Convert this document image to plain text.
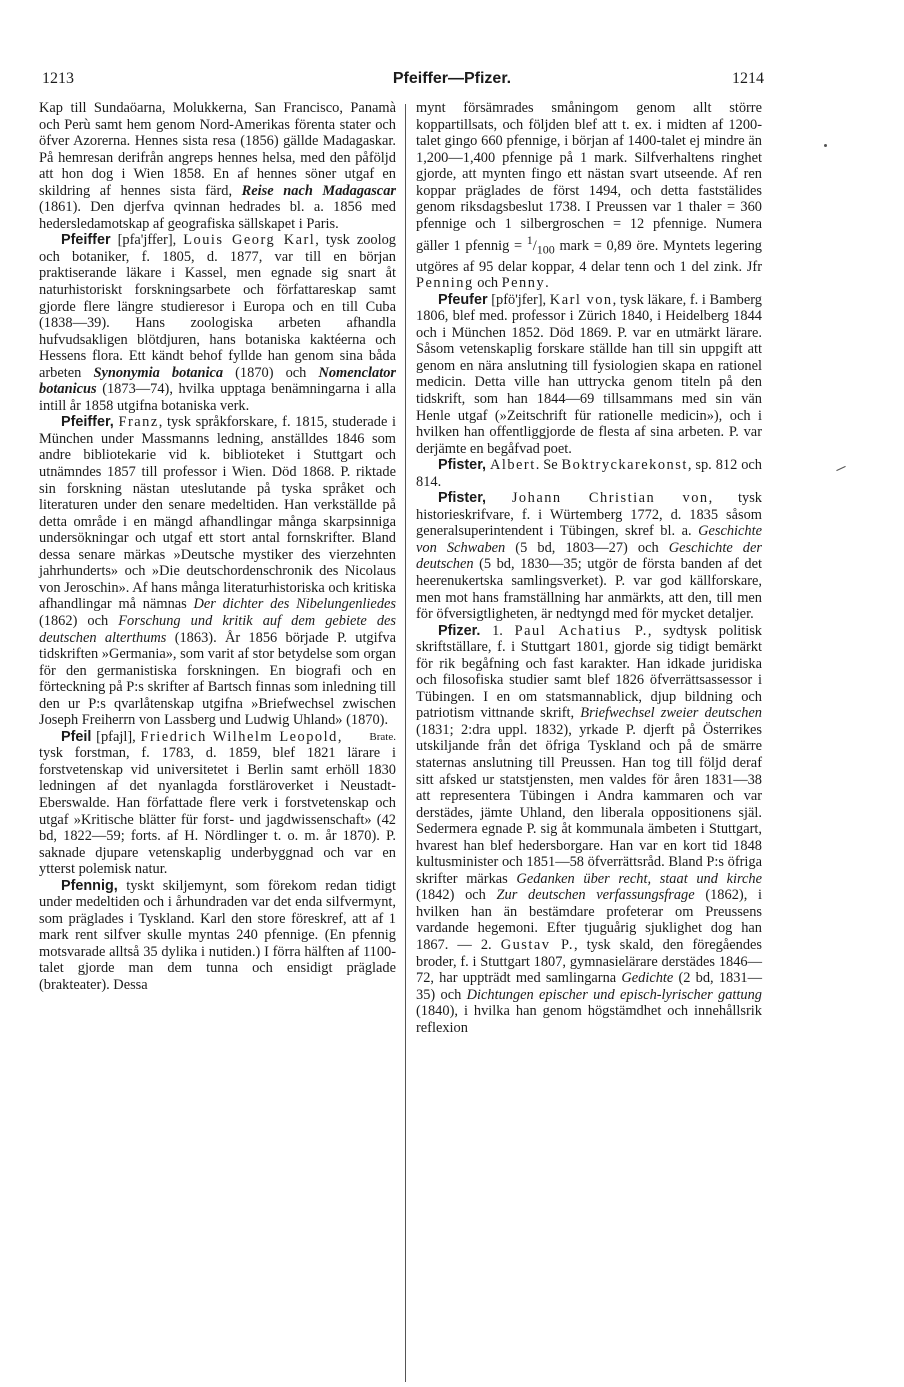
1213	Pfeiffer—Pfizer.	1214

Kap till Sundaöarna, Molukkerna, San Francisco, Panamà och Perù samt hem genom Nord-Amerikas förenta stater och öfver Azorerna. Hennes sista resa (1856) gällde Madagaskar. På hemresan derifrån angreps hennes helsa, med den påföljd att hon dog i Wien 1858. En af hennes söner utgaf en skildring af hennes sista färd, Reise nach Madagascar (1861). Den djerfva qvinnan hedrades bl. a. 1856 med hedersledamotskap af geografiska sällskapet i Paris.

Pfeiffer [pfa'jffer], Louis Georg Karl, tysk zoolog och botaniker, f. 1805, d. 1877, var till en början praktiserande läkare i Kassel, men egnade sig snart åt naturhistoriskt forskningsarbete och författareskap samt gjorde flere längre studieresor i Europa och en till Cuba (1838—39). Hans zoologiska arbeten afhandla hufvudsakligen blötdjuren, hans botaniska kaktéerna och Hessens flora. Ett kändt behof fyllde han genom sina båda arbeten Synonymia botanica (1870) och Nomenclator botanicus (1873—74), hvilka upptaga benämningarna i alla intill år 1858 utgifna botaniska verk.

Pfeiffer, Franz, tysk språkforskare, f. 1815, studerade i München under Massmanns ledning, anställdes 1846 som andre bibliotekarie vid k. biblioteket i Stuttgart och utnämndes 1857 till professor i Wien. Död 1868. P. riktade sin forskning nästan uteslutande på tyska språket och literaturen under den senare medeltiden. Han verkställde på detta område i en mängd afhandlingar många skarpsinniga undersökningar och utgaf ett stort antal fornskrifter. Bland dessa senare märkas »Deutsche mystiker des vierzehnten jahrhunderts» och »Die deutschordenschronik des Nicolaus von Jeroschin». Af hans många literaturhistoriska och kritiska afhandlingar må nämnas Der dichter des Nibelungenliedes (1862) och Forschung und kritik auf dem gebiete des deutschen alterthums (1863). År 1856 började P. utgifva tidskriften »Germania», som varit af stor betydelse som organ för den germanistiska forskningen. En biografi och en förteckning på P:s skrifter af Bartsch finnas som inledning till den ur P:s qvarlåtenskap utgifna »Briefwechsel zwischen Joseph Freiherrn von Lassberg und Ludwig Uhland» (1870).
Brate.

Pfeil [pfajl], Friedrich Wilhelm Leopold, tysk forstman, f. 1783, d. 1859, blef 1821 lärare i forstvetenskap vid universitetet i Berlin samt erhöll 1830 ledningen af det nyanlagda forstläroverket i Neustadt-Eberswalde. Han författade flere verk i forstvetenskap och utgaf »Kritische blätter für forst- und jagdwissenschaft» (42 bd, 1822—59; forts. af H. Nördlinger t. o. m. år 1870). P. saknade djupare vetenskaplig underbyggnad och var en ytterst polemisk natur.

Pfennig, tyskt skiljemynt, som förekom redan tidigt under medeltiden och i århundraden var det enda silfvermynt, som präglades i Tyskland. Karl den store föreskref, att af 1 mark rent silfver skulle myntas 240 pfennige. (En pfennig motsvarade alltså 35 dylika i nutiden.) I förra hälften af 1100-talet gjorde man dem tunna och ensidigt präglade (brakteater). Dessa

mynt försämrades småningom genom allt större koppartillsats, och följden blef att t. ex. i midten af 1200-talet gingo 660 pfennige, i början af 1400-talet ej mindre än 1,200—1,400 pfennige på 1 mark. Silfverhaltens ringhet gjorde, att mynten fingo ett nästan svart utseende. Af ren koppar präglades de först 1494, och detta faststälides genom riksdagsbeslut 1738. I Preussen var 1 thaler = 360 pfennige och 1 silbergroschen = 12 pfennige. Numera gäller 1 pfennig = $^1/_{100}$ mark = 0,89 öre. Myntets legering utgöres af 95 delar koppar, 4 delar tenn och 1 del zink. Jfr Penning och Penny.

Pfeufer [pfö'jfer], Karl von, tysk läkare, f. i Bamberg 1806, blef med. professor i Zürich 1840, i Heidelberg 1844 och i München 1852. Död 1869. P. var en utmärkt lärare. Såsom vetenskaplig forskare ställde han till sin uppgift att genom en nära anslutning till fysiologien skapa en rationel medicin. Detta ville han uttrycka genom titeln på den tidskrift, som han 1844—69 tillsammans med sin vän Henle utgaf (»Zeitschrift für rationelle medicin»), och i hvilken han offentliggjorde de flesta af sina arbeten. P. var derjämte en begåfvad poet.

Pfister, Albert. Se Boktryckarekonst, sp. 812 och 814.

Pfister, Johann Christian von, tysk historieskrifvare, f. i Würtemberg 1772, d. 1835 såsom generalsuperintendent i Tübingen, skref bl. a. Geschichte von Schwaben (5 bd, 1803—27) och Geschichte der deutschen (5 bd, 1830—35; utgör de första banden af det heerenukertska samlingsverket). P. var god källforskare, men mot hans framställning har anmärkts, att den, till men för öfversigtligheten, är nedtyngd med för mycket detaljer.

Pfizer. 1. Paul Achatius P., sydtysk politisk skriftställare, f. i Stuttgart 1801, gjorde sig tidigt bemärkt för rik begåfning och fast karakter. Han idkade juridiska och filosofiska studier samt blef 1826 öfverrättsassessor i Tübingen. I en om statsmannablick, djup bildning och patriotism vittnande skrift, Briefwechsel zweier deutschen (1831; 2:dra uppl. 1832), yrkade P. djerft på Österrikes utskiljande från det öfriga Tyskland och på de smärre staternas anslutning till Preussen. Han tog till följd deraf sitt afsked ur statstjensten, men valdes för åren 1831—38 att representera Tübingen i Andra kammaren och var derstädes, jämte Uhland, den liberala oppositionens själ. Sedermera egnade P. sig åt kommunala ämbeten i Stuttgart, hvarest han blef hedersborgare. Han var en kort tid 1848 kultusminister och 1851—58 öfverrättsråd. Bland P:s öfriga skrifter märkas Gedanken über recht, staat und kirche (1842) och Zur deutschen verfassungsfrage (1862), i hvilken han än bestämdare profeterar om Preussens vardande hegemoni. Efter tjuguårig sjuklighet dog han 1867. — 2. Gustav P., tysk skald, den föregåendes broder, f. i Stuttgart 1807, gymnasielärare derstädes 1846—72, har uppträdt med samlingarna Gedichte (2 bd, 1831—35) och Dichtungen epischer und episch-lyrischer gattung (1840), i hvilka han genom högstämdhet och innehållsrik reflexion
